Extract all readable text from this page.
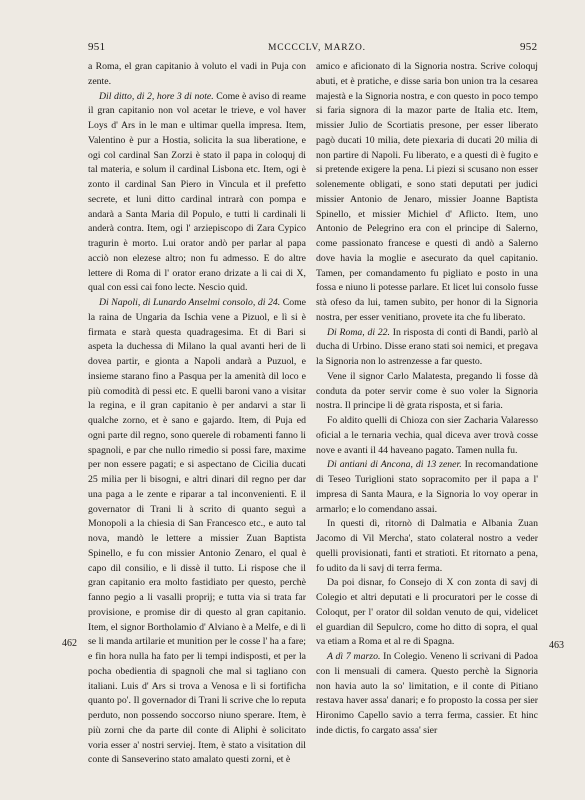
951	MCCCCLV, MARZO.	952

a Roma, el gran capitanio à voluto el vadi in Puja con zente.

Dil ditto, di 2, hore 3 di note. Come è aviso di reame il gran capitanio non vol acetar le trieve, e vol haver Loys d' Ars in le man e ultimar quella impresa. Item, Valentino è pur a Hostia, solicita la sua liberatione, e ogi col cardinal San Zorzi è stato il papa in coloquj di tal materia, e solum il cardinal Lisbona etc. Item, ogi è zonto il cardinal San Piero in Vincula et il prefetto secrete, et luni ditto cardinal intrarà con pompa e andarà a Santa Maria dil Populo, e tutti li cardinali li anderà contra. Item, ogi l' arziepiscopo di Zara Cypico tragurin è morto. Lui orator andò per parlar al papa acciò non elezese altro; non fu admesso. E do altre lettere di Roma di l' orator erano drizate a li cai di X, qual con essi cai fono lecte. Nescio quid.

Di Napoli, di Lunardo Anselmi consolo, di 24. Come la raina de Ungaria da Ischia vene a Pizuol, e lì si è firmata e starà questa quadragesima. Et di Bari si aspeta la duchessa di Milano la qual avanti heri de lì dovea partir, e gionta a Napoli andarà a Puzuol, e insieme starano fino a Pasqua per la amenità dil loco e più comodità di pessi etc. E quelli baroni vano a visitar la regina, e il gran capitanio è per andarvi a star lì qualche zorno, et è sano e gajardo. Item, di Puja ed ogni parte dil regno, sono querele di robamenti fanno li spagnoli, e par che nullo rimedio si possi fare, maxime per non essere pagati; e si aspectano de Cicilia ducati 25 milia per li bisogni, e altri dinari dil regno per dar una paga a le zente e riparar a tal inconvenienti. E il governator di Trani li à scrito di quanto seguì a Monopoli a la chiesia di San Francesco etc., e auto tal nova, mandò le lettere a missier Zuan Baptista Spinello, e fu con missier Antonio Zenaro, el qual è capo dil consilio, e li dissè il tutto. Li rispose che il gran capitanio era molto fastidiato per questo, perchè fanno pegio a li vasalli proprij; e tutta via si trata far provisione, e promise dir di questo al gran capitanio. Item, el signor Bortholamio d' Alviano è a Melfe, e di lì se li manda artilarie et munition per le cosse l' ha a fare; e fin hora nulla ha fato per li tempi indisposti, et per la pocha obedientia di spagnoli che mal si tagliano con italiani. Luis d' Ars si trova a Venosa e lì si fortificha quanto po'. Il governador di Trani li scrive che lo reputa perduto, non possendo soccorso niuno sperare. Item, è più zorni che da parte dil conte di Aliphi è solicitato voria esser a' nostri serviej. Item, è stato a visitation dil conte di Sanseverino stato amalato questi zorni, et è

amico e aficionato di la Signoria nostra. Scrive coloquj abuti, et è pratiche, e disse saria bon union tra la cesarea majestà e la Signoria nostra, e con questo in poco tempo si faria signora di la mazor parte de Italia etc. Item, missier Julio de Scortiatis presone, per esser liberato pagò ducati 10 milia, dete piexaria di ducati 20 milia di non partire di Napoli. Fu liberato, e a questi dì è fugito e si pretende exigere la pena. Li piezi si scusano non esser solenemente obligati, e sono stati deputati per judici missier Antonio de Jenaro, missier Joanne Baptista Spinello, et missier Michiel d' Aflicto. Item, uno Antonio de Pelegrino era con el principe di Salerno, come passionato francese e questi dì andò a Salerno dove havia la moglie e asecurato da quel capitanio. Tamen, per comandamento fu pigliato e posto in una fossa e niuno li potesse parlare. Et licet lui consolo fusse stà ofeso da lui, tamen subito, per honor di la Signoria nostra, per esser venitiano, provete ita che fu liberato.

Di Roma, di 22. In risposta di conti di Bandi, parlò al ducha di Urbino. Disse erano stati soi nemici, et pregava la Signoria non lo astrenzesse a far questo.

Vene il signor Carlo Malatesta, pregando li fosse dà conduta da poter servir come è suo voler la Signoria nostra. Il principe li dè grata risposta, et si faria.

Fo aldito quelli di Chioza con sier Zacharia Valaresso oficial a le ternaria vechia, qual diceva aver trovà cosse nove e avanti il 44 haveano pagato. Tamen nulla fu.

Di antiani di Ancona, di 13 zener. In recomandatione di Teseo Turiglioni stato sopracomito per il papa a l' impresa di Santa Maura, e la Signoria lo voy operar in armarlo; e lo comendano assai.

In questi dì, ritornò di Dalmatia e Albania Zuan Jacomo di Vil Mercha', stato colateral nostro a veder quelli provisionati, fanti et stratioti. Et ritornato a pena, fo udito da li savj di terra ferma.

Da poi disnar, fo Consejo di X con zonta di savj di Colegio et altri deputati e li procuratori per le cosse di Coloqut, per l' orator dil soldan venuto de qui, videlicet el guardian dil Sepulcro, come ho ditto di sopra, el qual va etiam a Roma et al re di Spagna.

A dì 7 marzo. In Colegio. Veneno li scrivani di Padoa con li mensuali di camera. Questo perchè la Signoria non havia auto la so' limitation, e il conte di Pitiano restava haver assa' danari; e fo proposto la cossa per sier Hironimo Capello savio a terra ferma, cassier. Et hinc inde dictis, fo cargato assa' sier

462	463
